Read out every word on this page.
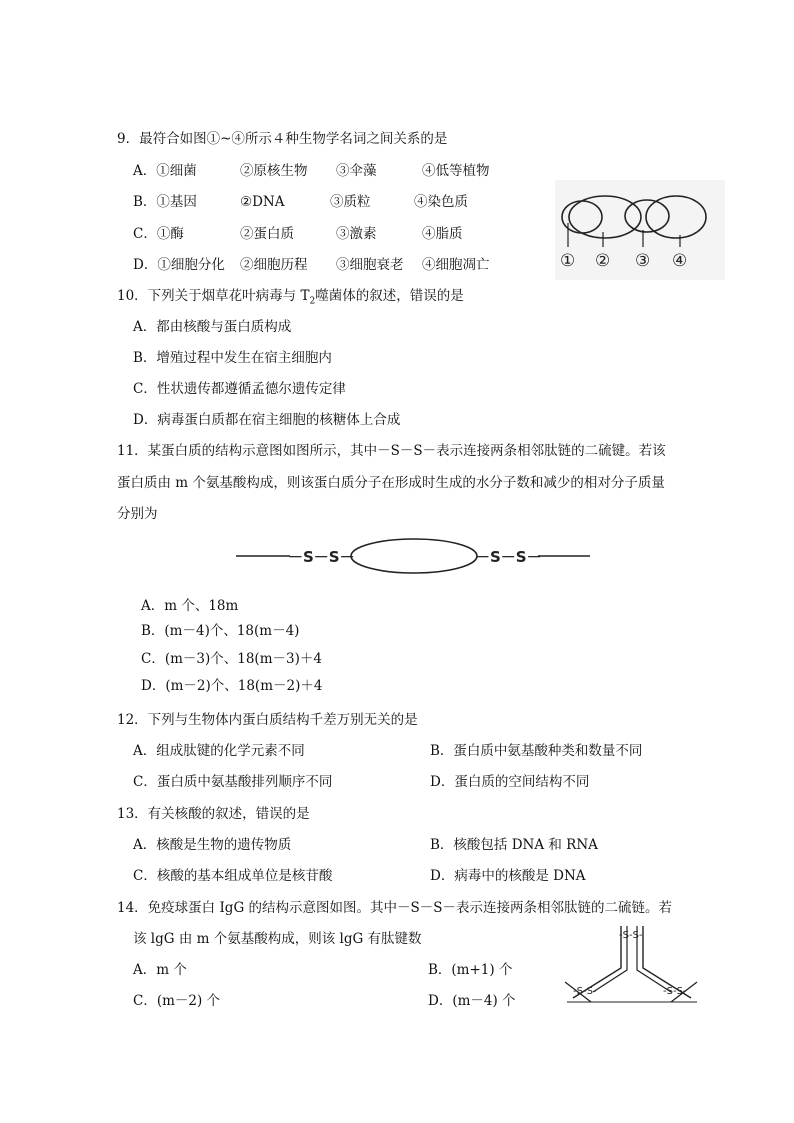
9．最符合如图①~④所示４种生物学名词之间关系的是
A．①细菌	②原核生物 ③伞藻	④低等植物
B．①基因	②DNA	③质粒	④染色质
C．①酶	②蛋白质	③激素	④脂质
D．①细胞分化 ②细胞历程 ③细胞衰老 ④细胞凋亡	① ② ③ ④
10．下列关于烟草花叶病毒与 $T_2$噬菌体的叙述，错误的是
A．都由核酸与蛋白质构成
B．增殖过程中发生在宿主细胞内
C．性状遗传都遵循孟德尔遗传定律
D．病毒蛋白质都在宿主细胞的核糖体上合成
11．某蛋白质的结构示意图如图所示，其中－S－S－表示连接两条相邻肽链的二硫键。若该
蛋白质由 m 个氨基酸构成，则该蛋白质分子在形成时生成的水分子数和减少的相对分子质量
分别为
－S－S－	－S－S－
A．m 个、18m
B．(m－4)个、18(m－4)
C．(m－3)个、18(m－3)＋4
D．(m－2)个、18(m－2)＋4
12．下列与生物体内蛋白质结构千差万别无关的是
A．组成肽键的化学元素不同	B．蛋白质中氨基酸种类和数量不同
C．蛋白质中氨基酸排列顺序不同	D．蛋白质的空间结构不同
13．有关核酸的叙述，错误的是
A．核酸是生物的遗传物质	B．核酸包括 DNA 和 RNA
C．核酸的基本组成单位是核苷酸	D．病毒中的核酸是 DNA
14．免疫球蛋白 IgG 的结构示意图如图。其中－S－S－表示连接两条相邻肽链的二硫链。若
该 lgG 由 m 个氨基酸构成，则该 lgG 有肽键数
A．m 个	B．(m+1) 个
C．(m－2) 个	D．(m－4) 个
-S-S-
-S-S-	-S-S-
